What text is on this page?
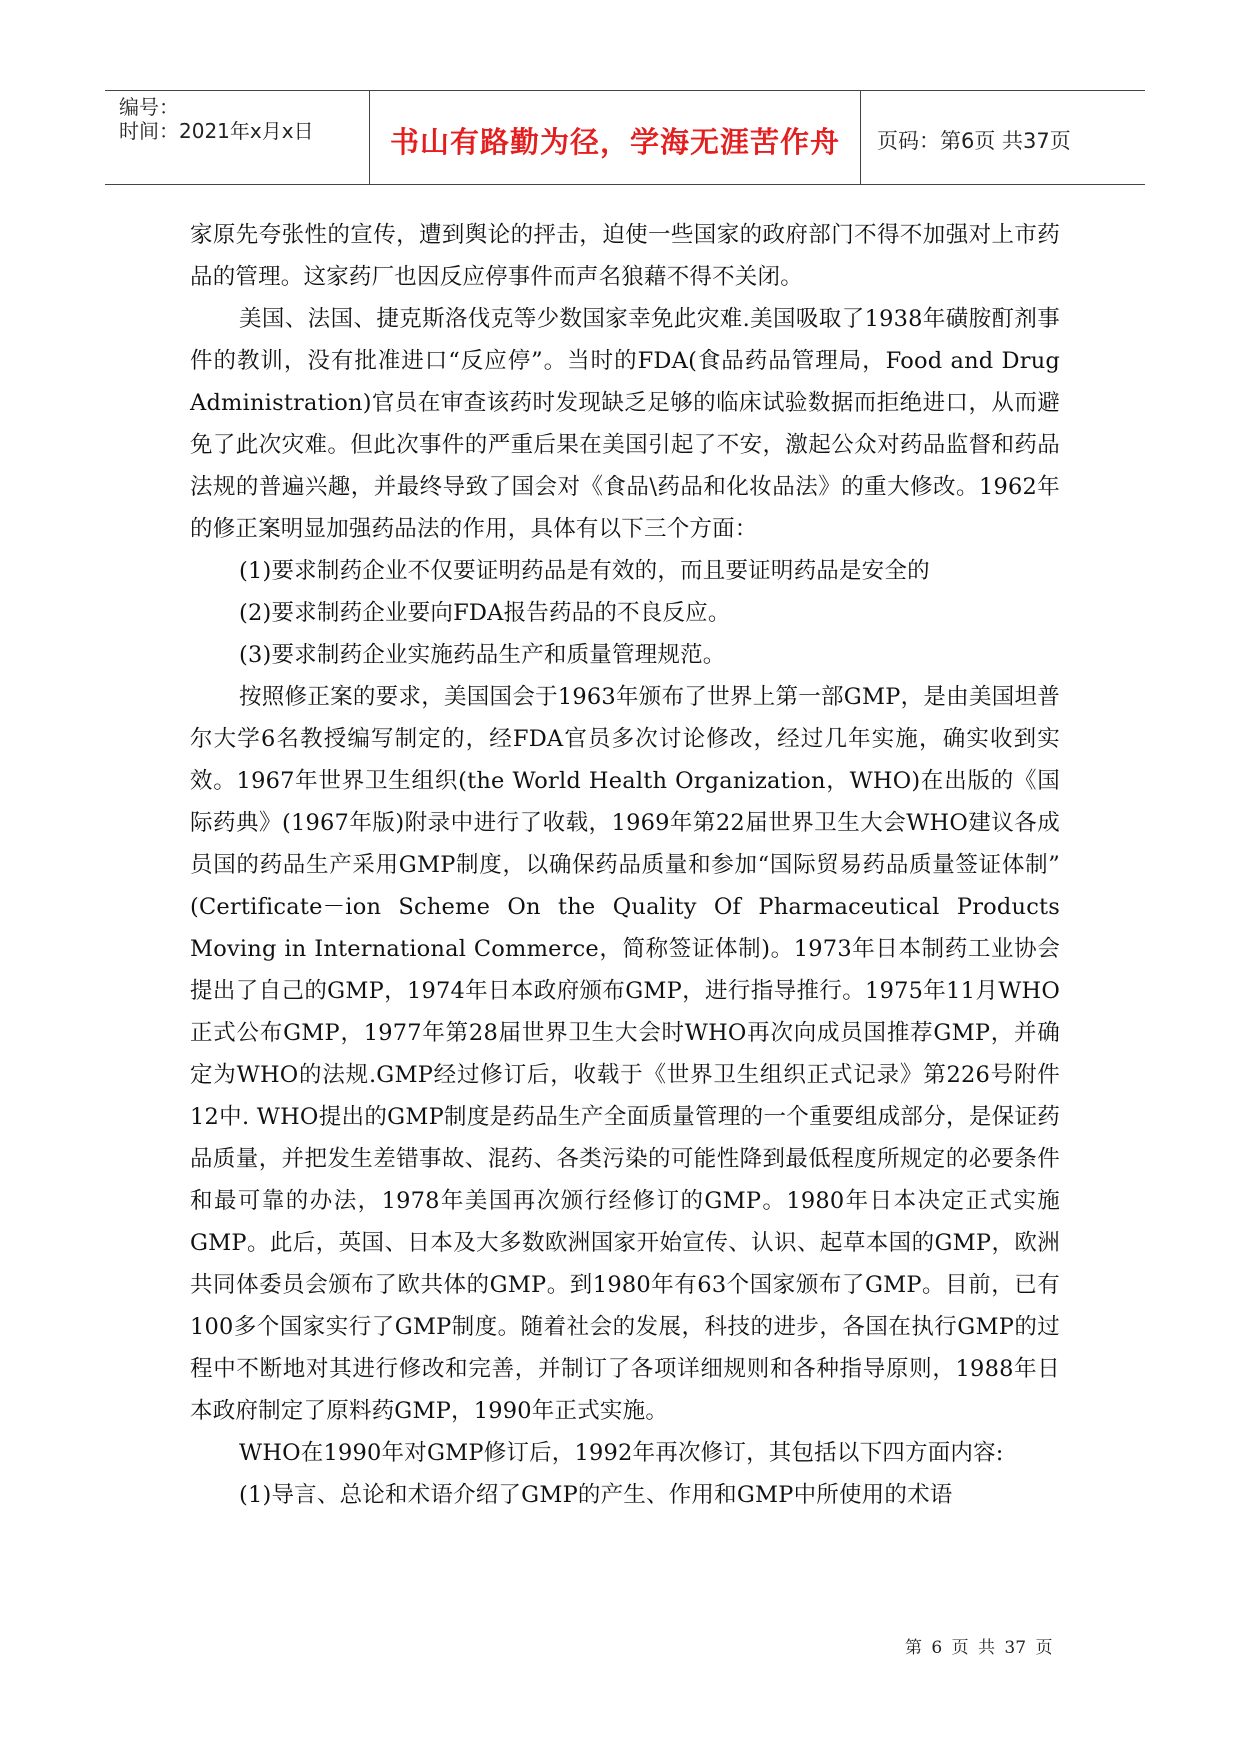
编号：
时间：2021年x月x日	书山有路勤为径，学海无涯苦作舟	页码：第6页 共37页

家原先夸张性的宣传，遭到舆论的抨击，迫使一些国家的政府部门不得不加强对上市药品的管理。这家药厂也因反应停事件而声名狼藉不得不关闭。

美国、法国、捷克斯洛伐克等少数国家幸免此灾难.美国吸取了1938年磺胺酊剂事件的教训，没有批准进口“反应停”。当时的FDA(食品药品管理局，Food and Drug Administration)官员在审查该药时发现缺乏足够的临床试验数据而拒绝进口，从而避免了此次灾难。但此次事件的严重后果在美国引起了不安，激起公众对药品监督和药品法规的普遍兴趣，并最终导致了国会对《食品\药品和化妆品法》的重大修改。1962年的修正案明显加强药品法的作用，具体有以下三个方面：

(1)要求制药企业不仅要证明药品是有效的，而且要证明药品是安全的

(2)要求制药企业要向FDA报告药品的不良反应。

(3)要求制药企业实施药品生产和质量管理规范。

按照修正案的要求，美国国会于1963年颁布了世界上第一部GMP，是由美国坦普尔大学6名教授编写制定的，经FDA官员多次讨论修改，经过几年实施，确实收到实效。1967年世界卫生组织(the World Health Organization，WHO)在出版的《国际药典》(1967年版)附录中进行了收载，1969年第22届世界卫生大会WHO建议各成员国的药品生产采用GMP制度，以确保药品质量和参加“国际贸易药品质量签证体制” (Certificate－ion Scheme On the Quality Of Pharmaceutical Products Moving in International Commerce，简称签证体制)。1973年日本制药工业协会提出了自己的GMP，1974年日本政府颁布GMP，进行指导推行。1975年11月WHO正式公布GMP，1977年第28届世界卫生大会时WHO再次向成员国推荐GMP，并确定为WHO的法规.GMP经过修订后，收载于《世界卫生组织正式记录》第226号附件12中. WHO提出的GMP制度是药品生产全面质量管理的一个重要组成部分，是保证药品质量，并把发生差错事故、混药、各类污染的可能性降到最低程度所规定的必要条件和最可靠的办法，1978年美国再次颁行经修订的GMP。1980年日本决定正式实施GMP。此后，英国、日本及大多数欧洲国家开始宣传、认识、起草本国的GMP，欧洲共同体委员会颁布了欧共体的GMP。到1980年有63个国家颁布了GMP。目前，已有100多个国家实行了GMP制度。随着社会的发展，科技的进步，各国在执行GMP的过程中不断地对其进行修改和完善，并制订了各项详细规则和各种指导原则，1988年日本政府制定了原料药GMP，1990年正式实施。

WHO在1990年对GMP修订后，1992年再次修订，其包括以下四方面内容:

(1)导言、总论和术语介绍了GMP的产生、作用和GMP中所使用的术语

第 6 页 共 37 页
